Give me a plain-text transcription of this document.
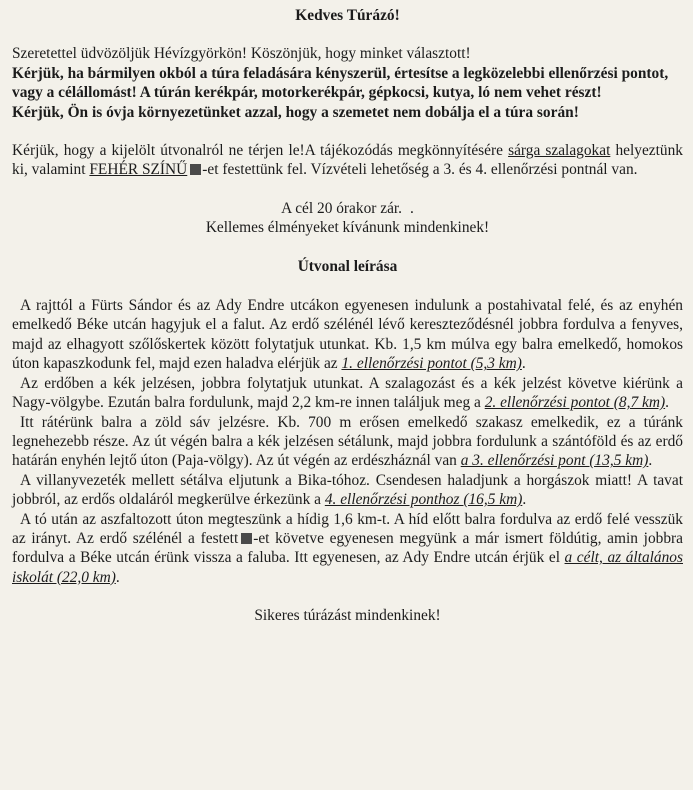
Kedves Túrázó!

Szeretettel üdvözöljük Hévízgyörkön! Köszönjük, hogy minket választott!

Kérjük, ha bármilyen okból a túra feladására kényszerül, értesítse a legközelebbi ellenőrzési pontot, vagy a célállomást! A túrán kerékpár, motorkerékpár, gépkocsi, kutya, ló nem vehet részt!

Kérjük, Ön is óvja környezetünket azzal, hogy a szemetet nem dobálja el a túra során!

Kérjük, hogy a kijelölt útvonalról ne térjen le!A tájékozódás megkönnyítésére sárga szalagokat helyeztünk ki, valamint FEHÉR SZÍNŰ -et festettünk fel. Vízvételi lehetőség a 3. és 4. ellenőrzési pontnál van.

A cél 20 órakor zár. .

Kellemes élményeket kívánunk mindenkinek!

Útvonal leírása

A rajttól a Fürts Sándor és az Ady Endre utcákon egyenesen indulunk a postahivatal felé, és az enyhén emelkedő Béke utcán hagyjuk el a falut. Az erdő szélénél lévő kereszteződésnél jobbra fordulva a fenyves, majd az elhagyott szőlőskertek között folytatjuk utunkat. Kb. 1,5 km múlva egy balra emelkedő, homokos úton kapaszkodunk fel, majd ezen haladva elérjük az 1. ellenőrzési pontot (5,3 km).

Az erdőben a kék jelzésen, jobbra folytatjuk utunkat. A szalagozást és a kék jelzést követve kiérünk a Nagy-völgybe. Ezután balra fordulunk, majd 2,2 km-re innen találjuk meg a 2. ellenőrzési pontot (8,7 km).

Itt rátérünk balra a zöld sáv jelzésre. Kb. 700 m erősen emelkedő szakasz emelkedik, ez a túránk legnehezebb része. Az út végén balra a kék jelzésen sétálunk, majd jobbra fordulunk a szántóföld és az erdő határán enyhén lejtő úton (Paja-völgy). Az út végén az erdészháznál van a 3. ellenőrzési pont (13,5 km).

A villanyvezeték mellett sétálva eljutunk a Bika-tóhoz. Csendesen haladjunk a horgászok miatt! A tavat jobbról, az erdős oldaláról megkerülve érkezünk a 4. ellenőrzési ponthoz (16,5 km).

A tó után az aszfaltozott úton megteszünk a hídig 1,6 km-t. A híd előtt balra fordulva az erdő felé vesszük az irányt. Az erdő szélénél a festett -et követve egyenesen megyünk a már ismert földútig, amin jobbra fordulva a Béke utcán érünk vissza a faluba. Itt egyenesen, az Ady Endre utcán érjük el a célt, az általános iskolát (22,0 km).

Sikeres túrázást mindenkinek!
